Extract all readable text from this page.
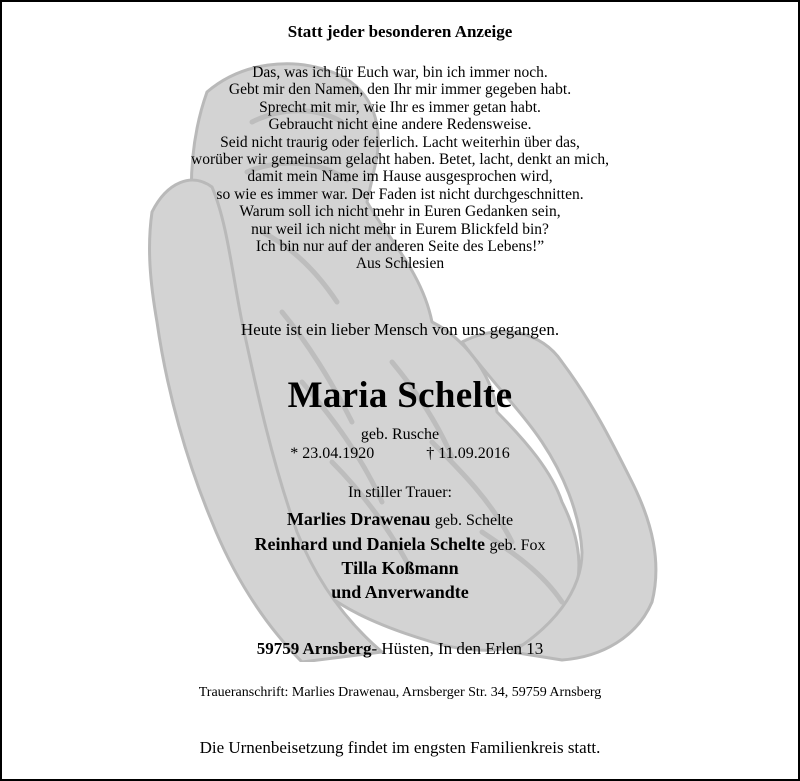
Statt jeder besonderen Anzeige
Das, was ich für Euch war, bin ich immer noch.
Gebt mir den Namen, den Ihr mir immer gegeben habt.
Sprecht mit mir, wie Ihr es immer getan habt.
Gebraucht nicht eine andere Redensweise.
Seid nicht traurig oder feierlich. Lacht weiterhin über das,
worüber wir gemeinsam gelacht haben. Betet, lacht, denkt an mich,
damit mein Name im Hause ausgesprochen wird,
so wie es immer war. Der Faden ist nicht durchgeschnitten.
Warum soll ich nicht mehr in Euren Gedanken sein,
nur weil ich nicht mehr in Eurem Blickfeld bin?
Ich bin nur auf der anderen Seite des Lebens!”
Aus Schlesien
Heute ist ein lieber Mensch von uns gegangen.
Maria Schelte
geb. Rusche
* 23.04.1920	† 11.09.2016
In stiller Trauer:
Marlies Drawenau geb. Schelte
Reinhard und Daniela Schelte geb. Fox
Tilla Koßmann
und Anverwandte
59759 Arnsberg- Hüsten, In den Erlen 13
Traueranschrift: Marlies Drawenau, Arnsberger Str. 34, 59759 Arnsberg
Die Urnenbeisetzung findet im engsten Familienkreis statt.
